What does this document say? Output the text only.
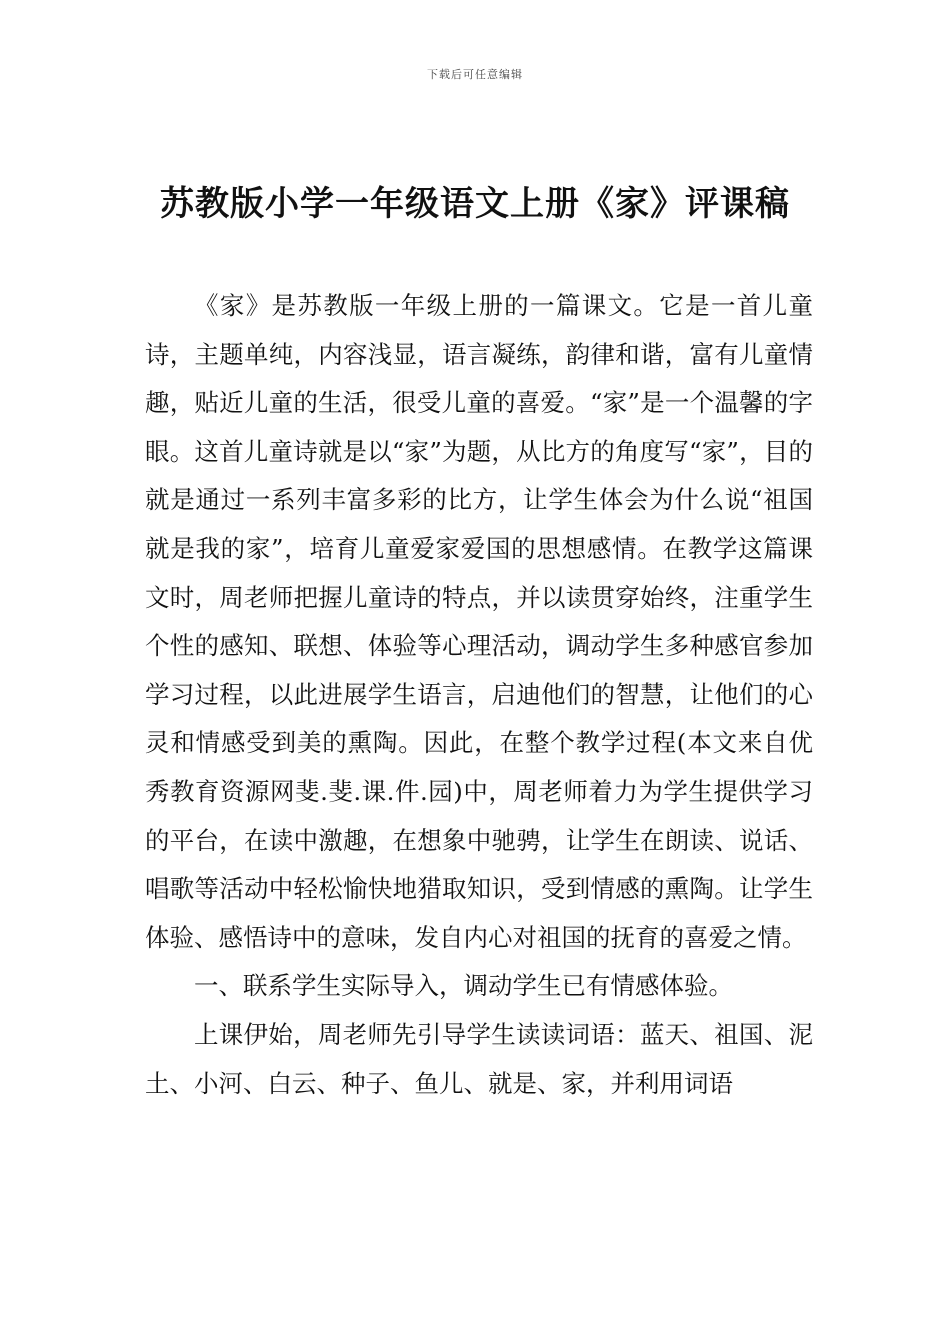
下载后可任意编辑
苏教版小学一年级语文上册《家》评课稿

《家》是苏教版一年级上册的一篇课文。它是一首儿童诗，主题单纯，内容浅显，语言凝练，韵律和谐，富有儿童情趣，贴近儿童的生活，很受儿童的喜爱。“家”是一个温馨的字眼。这首儿童诗就是以“家”为题，从比方的角度写“家”，目的就是通过一系列丰富多彩的比方，让学生体会为什么说“祖国就是我的家”，培育儿童爱家爱国的思想感情。在教学这篇课文时，周老师把握儿童诗的特点，并以读贯穿始终，注重学生个性的感知、联想、体验等心理活动，调动学生多种感官参加学习过程，以此进展学生语言，启迪他们的智慧，让他们的心灵和情感受到美的熏陶。因此，在整个教学过程(本文来自优秀教育资源网斐.斐.课.件.园)中，周老师着力为学生提供学习的平台，在读中激趣，在想象中驰骋，让学生在朗读、说话、唱歌等活动中轻松愉快地猎取知识，受到情感的熏陶。让学生体验、感悟诗中的意味，发自内心对祖国的抚育的喜爱之情。

一、联系学生实际导入，调动学生已有情感体验。

上课伊始，周老师先引导学生读读词语：蓝天、祖国、泥土、小河、白云、种子、鱼儿、就是、家，并利用词语
